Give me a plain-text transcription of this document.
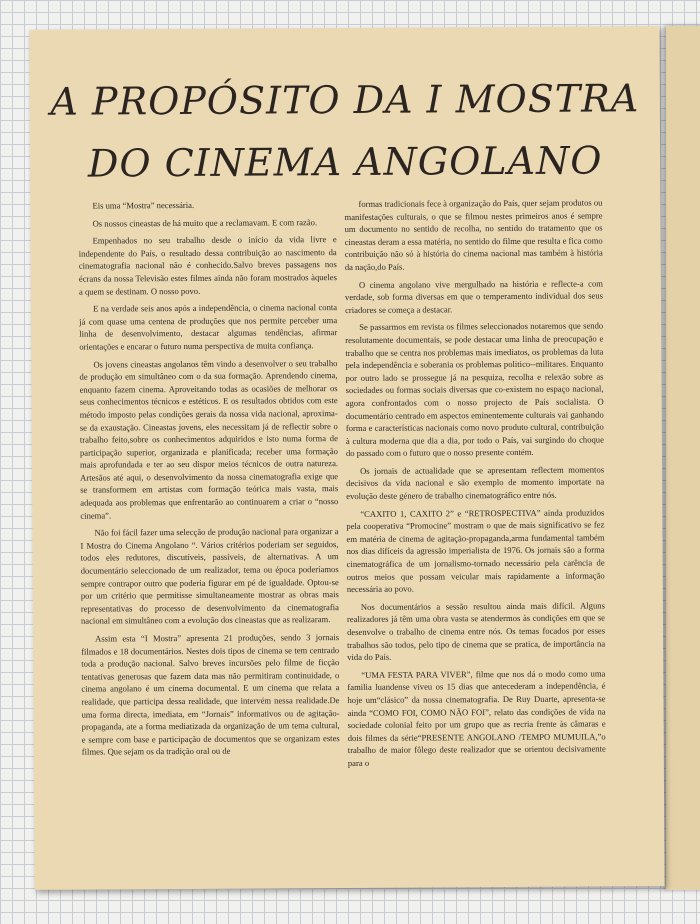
A PROPÓSITO DA I MOSTRA
DO CINEMA ANGOLANO

Eis uma “Mostra” necessária.

Os nossos cineastas de há muito que a reclamavam. E com razão.

Empenhados no seu trabalho desde o início da vida livre e independente do País, o resultado dessa contribuição ao nascimento da cinematografia nacional não é conhecido.Salvo breves passagens nos écrans da nossa Televisão estes filmes ainda não foram mostrados àqueles a quem se destinam. O nosso povo.

E na verdade seis anos após a independência, o cinema nacional conta já com quase uma centena de produções que nos permite perceber uma linha de desenvolvimento, destacar algumas tendências, afirmar orientações e encarar o futuro numa perspectiva de muita confiança.

Os jovens cineastas angolanos têm vindo a desenvolver o seu trabalho de produção em simultâneo com o da sua formação. Aprendendo cinema, enquanto fazem cinema. Aproveitando todas as ocasiões de melhorar os seus conhecimentos técnicos e estéticos. E os resultados obtidos com este método imposto pelas condições gerais da nossa vida nacional, aproxima-se da exaustação. Cineastas jovens, eles necessitam já de reflectir sobre o trabalho feito,sobre os conhecimentos adquiridos e isto numa forma de participação superior, organizada e planificada; receber uma formação mais aprofundada e ter ao seu dispor meios técnicos de outra natureza. Artesãos até aqui, o desenvolvimento da nossa cinematografia exige que se transformem em artistas com formação teórica mais vasta, mais adequada aos problemas que enfrentarão ao continuarem a criar o “nosso cinema”.

Não foi fácil fazer uma selecção de produção nacional para organizar a I Mostra do Cinema Angolano “. Vários critérios poderiam ser seguidos, todos eles redutores, discutíveis, passíveis, de alternativas. A um documentário seleccionado de um realizador, tema ou época poderíamos sempre contrapor outro que poderia figurar em pé de igualdade. Optou-se por um critério que permitisse simultaneamente mostrar as obras mais representativas do processo de desenvolvimento da cinematografia nacional em simultâneo com a evolução dos cineastas que as realizaram.

Assim esta “I Mostra” apresenta 21 produções, sendo 3 jornais filmados e 18 documentários. Nestes dois tipos de cinema se tem centrado toda a produção nacional. Salvo breves incursões pelo filme de ficção tentativas generosas que fazem data mas não permitiram continuidade, o cinema angolano é um cinema documental. E um cinema que relata a realidade, que participa dessa realidade, que intervém nessa realidade.De uma forma directa, imediata, em “Jornais” informativos ou de agitação-propaganda, ate a forma mediatizada da organização de um tema cultural, e sempre com base e participação de documentos que se organizam estes filmes. Que sejam os da tradição oral ou de

formas tradicionais fece à organização do País, quer sejam produtos ou manifestações culturais, o que se filmou nestes primeiros anos é sempre um documento no sentido de recolha, no sentido do tratamento que os cineastas deram a essa matéria, no sentido do filme que resulta e fica como contribuição não só à história do cinema nacional mas também à história da nação,do País.

O cinema angolano vive mergulhado na história e reflecte-a com verdade, sob forma diversas em que o temperamento individual dos seus criadores se começa a destacar.

Se passarmos em revista os filmes seleccionados notaremos que sendo resolutamente documentais, se pode destacar uma linha de preocupação e trabalho que se centra nos problemas mais imediatos, os problemas da luta pela independência e soberania os problemas politico--militares. Enquanto por outro lado se prossegue já na pesquiza, recolha e relexão sobre as sociedades ou formas sociais diversas que co-existem no espaço nacional, agora confrontados com o nosso projecto de País socialista. O documentário centrado em aspectos eminentemente culturais vai ganhando forma e características nacionais como novo produto cultural, contribuição à cultura moderna que dia a dia, por todo o País, vai surgindo do choque do passado com o futuro que o nosso presente contém.

Os jornais de actualidade que se apresentam reflectem momentos decisivos da vida nacional e são exemplo de momento importate na evolução deste género de trabalho cinematográfico entre nós.

“CAXITO 1, CAXITO 2” e “RETROSPECTIVA” ainda produzidos pela cooperativa “Promocine” mostram o que de mais significativo se fez em matéria de cinema de agitação-propaganda,arma fundamental também nos dias difíceis da agressão imperialista de 1976. Os jornais são a forma cinematográfica de um jornalismo-tornado necessário pela carência de outros meios que possam veicular mais rapidamente a informação necessária ao povo.

Nos documentários a sessão resultou ainda mais difícil. Alguns realizadores já têm uma obra vasta se atendermos às condições em que se desenvolve o trabalho de cinema entre nós. Os temas focados por esses trabalhos são todos, pelo tipo de cinema que se pratica, de importância na vida do País.

“UMA FESTA PARA VIVER”, filme que nos dá o modo como uma familia luandense viveu os 15 dias que antecederam a independência, é hoje um“clásico” da nossa cinematografia. De Ruy Duarte, apresenta-se ainda “COMO FOI, COMO NÃO FOI”, relato das condições de vida na sociedade colonial feito por um grupo que as recria frente às câmaras e dois filmes da série“PRESENTE ANGOLANO /TEMPO MUMUILA,”o trabalho de maior fôlego deste realizador que se orientou decisivamente para o
